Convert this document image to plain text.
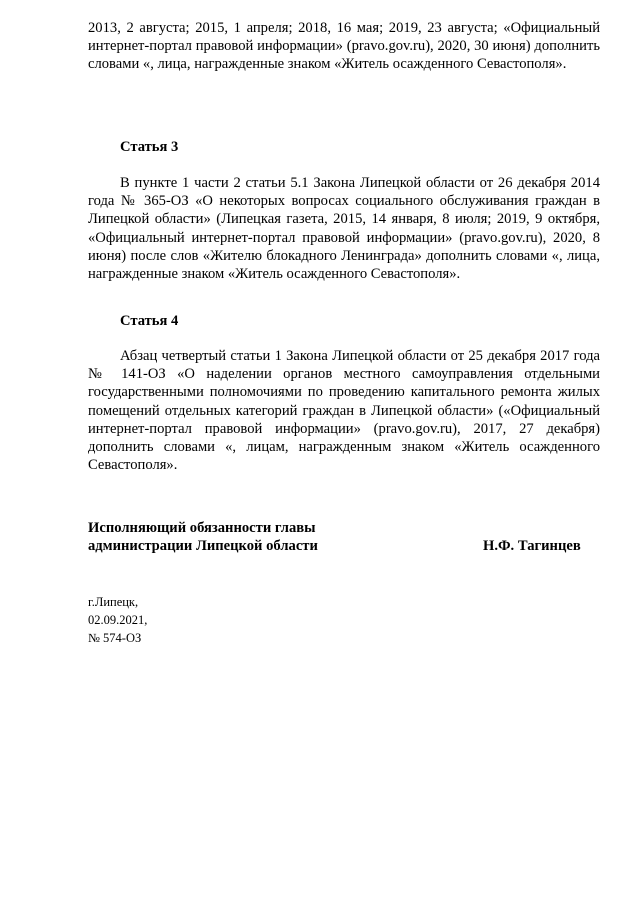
2013, 2 августа; 2015, 1 апреля; 2018, 16 мая; 2019, 23 августа; «Официальный интернет-портал правовой информации» (pravo.gov.ru), 2020, 30 июня) дополнить словами «, лица, награжденные знаком «Житель осажденного Севастополя».

Статья 3

В пункте 1 части 2 статьи 5.1 Закона Липецкой области от 26 декабря 2014 года № 365-ОЗ «О некоторых вопросах социального обслуживания граждан в Липецкой области» (Липецкая газета, 2015, 14 января, 8 июля; 2019, 9 октября, «Официальный интернет-портал правовой информации» (pravo.gov.ru), 2020, 8 июня) после слов «Жителю блокадного Ленинграда» дополнить словами «, лица, награжденные знаком «Житель осажденного Севастополя».

Статья 4

Абзац четвертый статьи 1 Закона Липецкой области от 25 декабря 2017 года № 141-ОЗ «О наделении органов местного самоуправления отдельными государственными полномочиями по проведению капитального ремонта жилых помещений отдельных категорий граждан в Липецкой области» («Официальный интернет-портал правовой информации» (pravo.gov.ru), 2017, 27 декабря) дополнить словами «, лицам, награжденным знаком «Житель осажденного Севастополя».

Исполняющий обязанности главы

администрации Липецкой области	Н.Ф. Тагинцев

г.Липецк,

02.09.2021,

№ 574-ОЗ
